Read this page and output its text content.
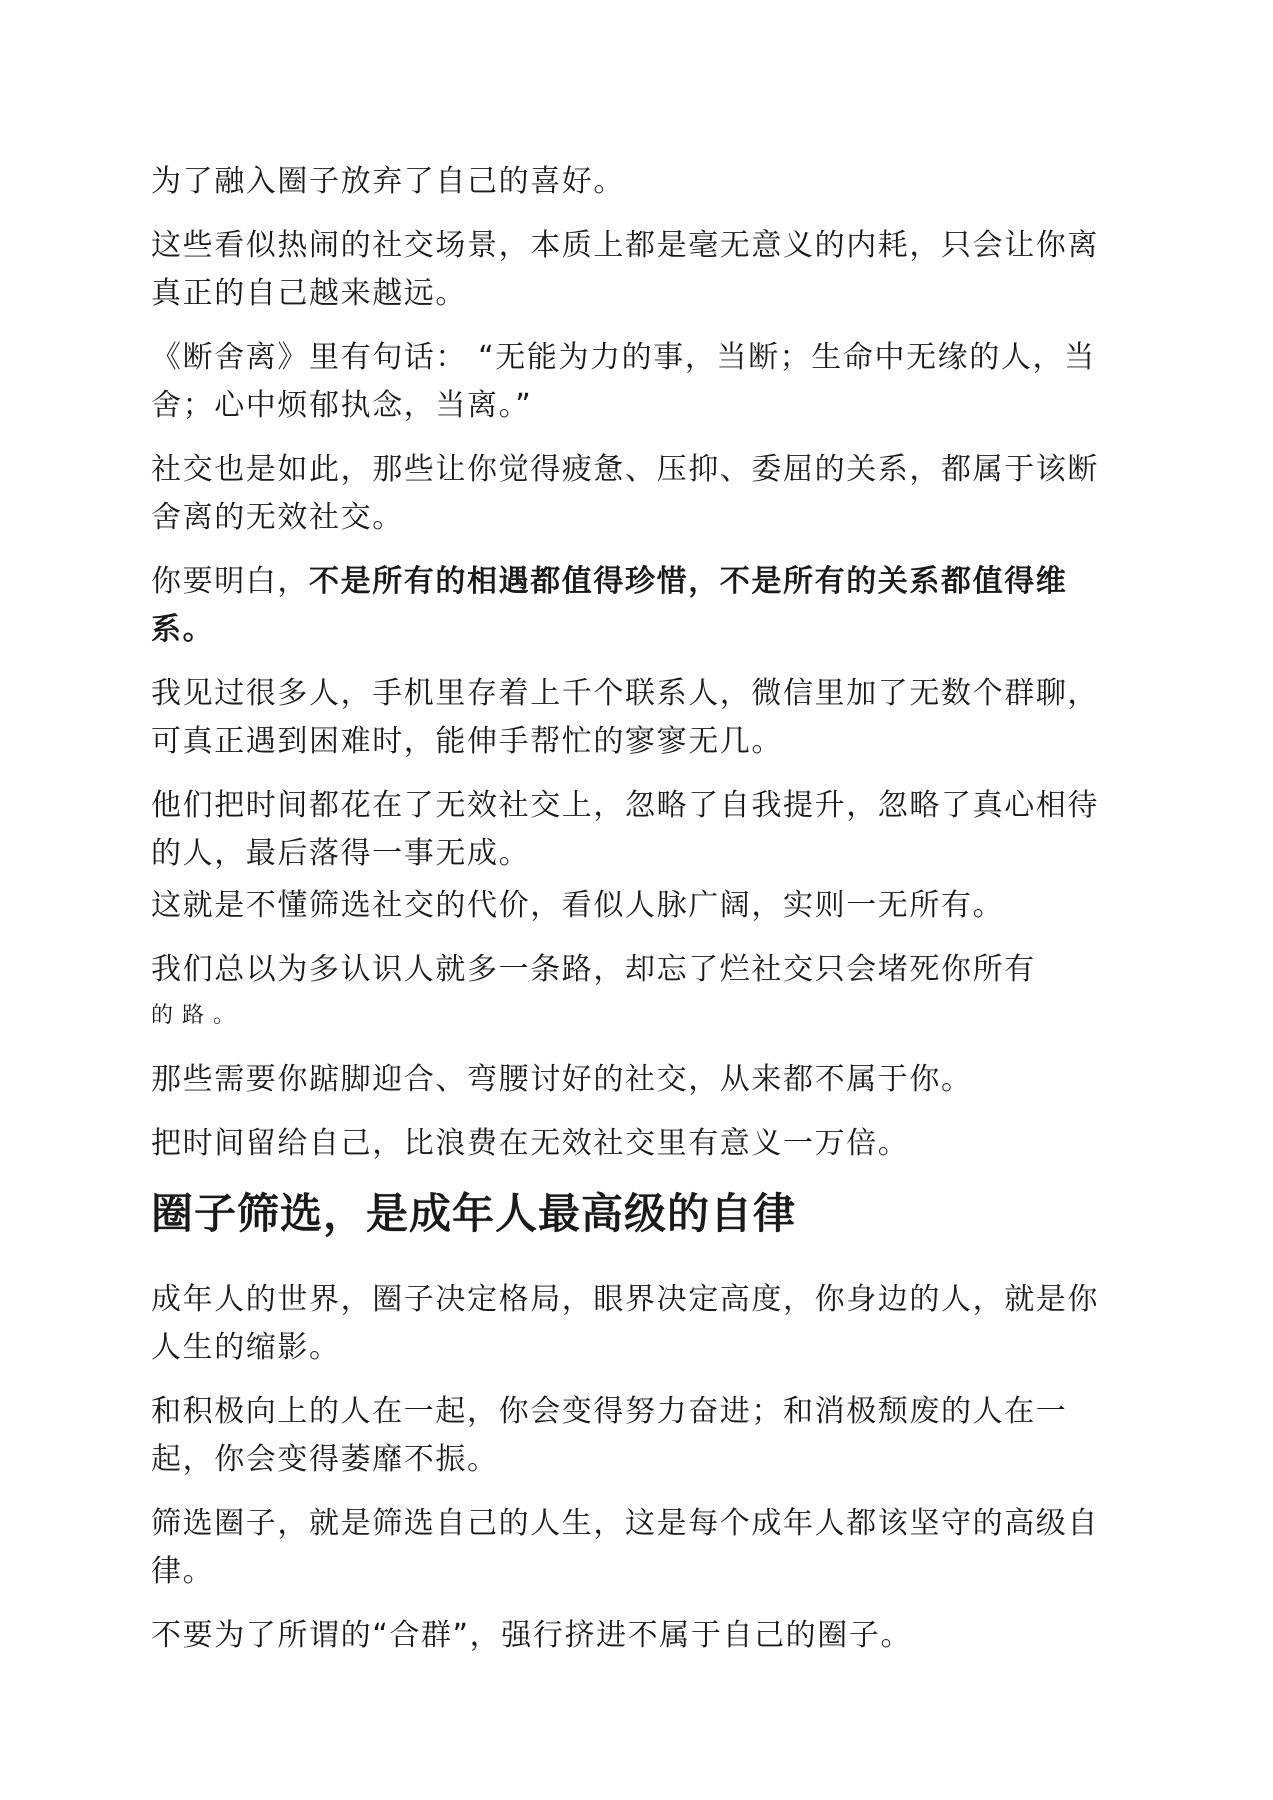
为了融入圈子放弃了自己的喜好。

这些看似热闹的社交场景，本质上都是毫无意义的内耗，只会让你离真正的自己越来越远。

《断舍离》里有句话： “无能为力的事，当断；生命中无缘的人，当舍；心中烦郁执念，当离。”

社交也是如此，那些让你觉得疲惫、压抑、委屈的关系，都属于该断舍离的无效社交。

你要明白，不是所有的相遇都值得珍惜，不是所有的关系都值得维系。

我见过很多人，手机里存着上千个联系人，微信里加了无数个群聊，可真正遇到困难时，能伸手帮忙的寥寥无几。

他们把时间都花在了无效社交上，忽略了自我提升，忽略了真心相待的人，最后落得一事无成。

这就是不懂筛选社交的代价，看似人脉广阔，实则一无所有。

我们总以为多认识人就多一条路，却忘了烂社交只会堵死你所有

的路。

那些需要你踮脚迎合、弯腰讨好的社交，从来都不属于你。

把时间留给自己，比浪费在无效社交里有意义一万倍。

圈子筛选，是成年人最高级的自律

成年人的世界，圈子决定格局，眼界决定高度，你身边的人，就是你人生的缩影。

和积极向上的人在一起，你会变得努力奋进；和消极颓废的人在一起，你会变得萎靡不振。

筛选圈子，就是筛选自己的人生，这是每个成年人都该坚守的高级自律。

不要为了所谓的“合群”，强行挤进不属于自己的圈子。
